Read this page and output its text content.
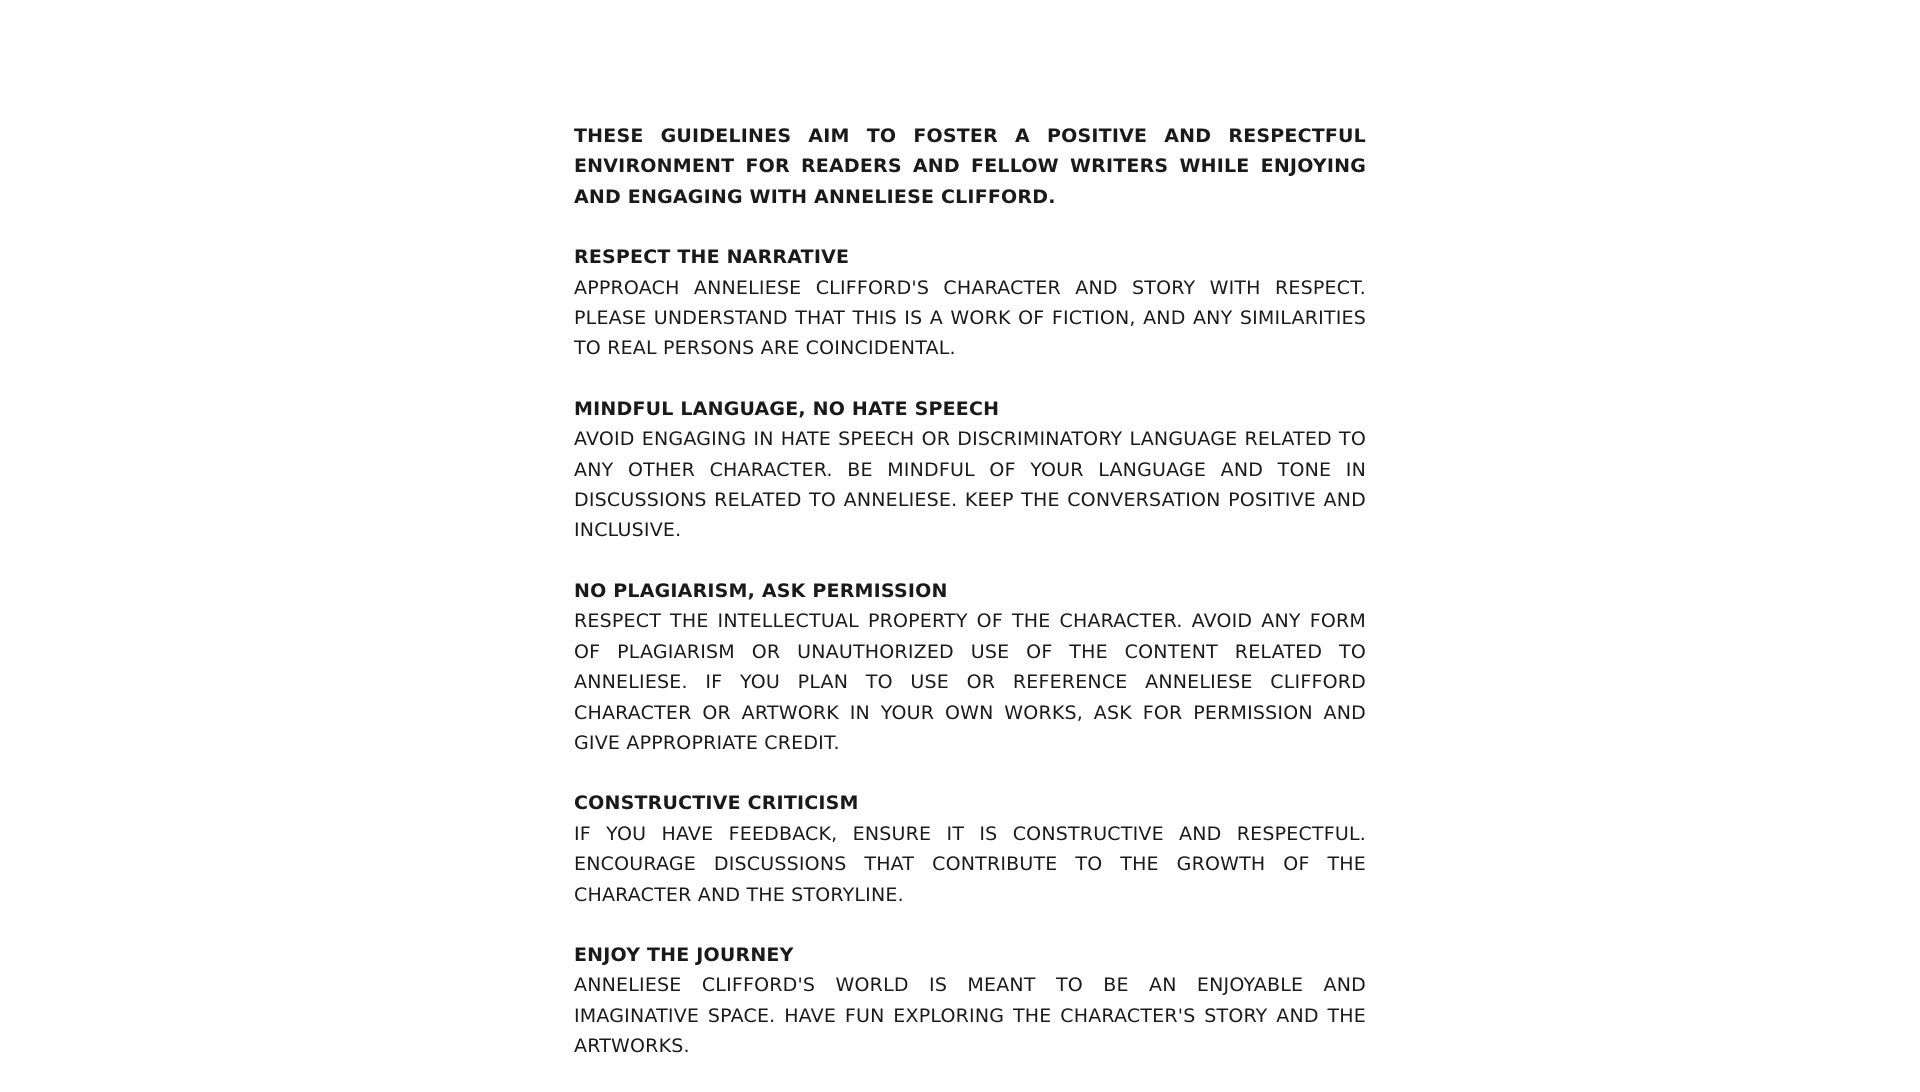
THESE GUIDELINES AIM TO FOSTER A POSITIVE AND RESPECTFUL ENVIRONMENT FOR READERS AND FELLOW WRITERS WHILE ENJOYING AND ENGAGING WITH ANNELIESE CLIFFORD.

RESPECT THE NARRATIVE

APPROACH ANNELIESE CLIFFORD'S CHARACTER AND STORY WITH RESPECT. PLEASE UNDERSTAND THAT THIS IS A WORK OF FICTION, AND ANY SIMILARITIES TO REAL PERSONS ARE COINCIDENTAL.

MINDFUL LANGUAGE, NO HATE SPEECH

AVOID ENGAGING IN HATE SPEECH OR DISCRIMINATORY LANGUAGE RELATED TO ANY OTHER CHARACTER. BE MINDFUL OF YOUR LANGUAGE AND TONE IN DISCUSSIONS RELATED TO ANNELIESE. KEEP THE CONVERSATION POSITIVE AND INCLUSIVE.

NO PLAGIARISM, ASK PERMISSION

RESPECT THE INTELLECTUAL PROPERTY OF THE CHARACTER. AVOID ANY FORM OF PLAGIARISM OR UNAUTHORIZED USE OF THE CONTENT RELATED TO ANNELIESE. IF YOU PLAN TO USE OR REFERENCE ANNELIESE CLIFFORD CHARACTER OR ARTWORK IN YOUR OWN WORKS, ASK FOR PERMISSION AND GIVE APPROPRIATE CREDIT.

CONSTRUCTIVE CRITICISM

IF YOU HAVE FEEDBACK, ENSURE IT IS CONSTRUCTIVE AND RESPECTFUL. ENCOURAGE DISCUSSIONS THAT CONTRIBUTE TO THE GROWTH OF THE CHARACTER AND THE STORYLINE.

ENJOY THE JOURNEY

ANNELIESE CLIFFORD'S WORLD IS MEANT TO BE AN ENJOYABLE AND IMAGINATIVE SPACE. HAVE FUN EXPLORING THE CHARACTER'S STORY AND THE ARTWORKS.
